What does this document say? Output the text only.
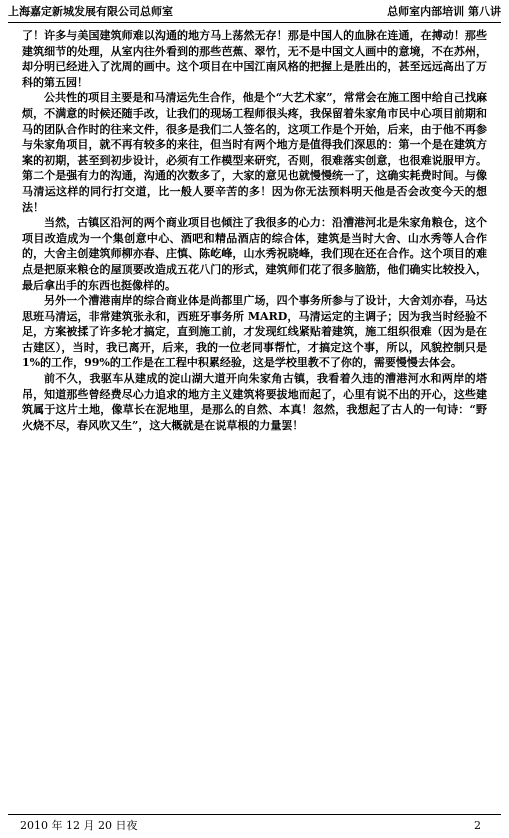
上海嘉定新城发展有限公司总师室	总师室内部培训 第八讲

了！许多与美国建筑师难以沟通的地方马上荡然无存！那是中国人的血脉在连通，在搏动！那些建筑细节的处理，从室内往外看到的那些芭蕉、翠竹，无不是中国文人画中的意境，不在苏州，却分明已经进入了沈周的画中。这个项目在中国江南风格的把握上是胜出的，甚至远远高出了万科的第五园！

公共性的项目主要是和马清运先生合作，他是个“大艺术家”，常常会在施工图中给自己找麻烦，不满意的时候还随手改，让我们的现场工程师很头疼，我保留着朱家角市民中心项目前期和马的团队合作时的往来文件，很多是我们二人签名的，这项工作是个开始，后来，由于他不再参与朱家角项目，就不再有较多的来往，但当时有两个地方是值得我们深思的：第一个是在建筑方案的初期，甚至到初步设计，必须有工作模型来研究，否则，很难落实创意，也很难说服甲方。第二个是强有力的沟通，沟通的次数多了，大家的意见也就慢慢统一了，这确实耗费时间。与像马清运这样的同行打交道，比一般人要辛苦的多！因为你无法预料明天他是否会改变今天的想法！

当然，古镇区沿河的两个商业项目也倾注了我很多的心力：沿漕港河北是朱家角粮仓，这个项目改造成为一个集创意中心、酒吧和精品酒店的综合体，建筑是当时大舍、山水秀等人合作的，大舍主创建筑师柳亦春、庄慎、陈屹峰，山水秀祝晓峰，我们现在还在合作。这个项目的难点是把原来粮仓的屋顶要改造成五花八门的形式，建筑师们花了很多脑筋，他们确实比较投入，最后拿出手的东西也挺像样的。

另外一个漕港南岸的综合商业体是尚都里广场，四个事务所参与了设计，大舍刘亦春，马达思班马清运，非常建筑张永和，西班牙事务所 MARD，马清运定的主调子；因为我当时经验不足，方案被揉了许多轮才搞定，直到施工前，才发现红线紧贴着建筑，施工组织很难（因为是在古建区），当时，我已离开，后来，我的一位老同事帮忙，才搞定这个事，所以，风貌控制只是 1%的工作，99%的工作是在工程中积累经验，这是学校里教不了你的，需要慢慢去体会。

前不久，我驱车从建成的淀山湖大道开向朱家角古镇，我看着久违的漕港河水和两岸的塔吊，知道那些曾经费尽心力追求的地方主义建筑将要拔地而起了，心里有说不出的开心，这些建筑属于这片土地，像草长在泥地里，是那么的自然、本真！忽然，我想起了古人的一句诗：“野火烧不尽，春风吹又生”，这大概就是在说草根的力量罢！

2010 年 12 月 20 日夜	2
